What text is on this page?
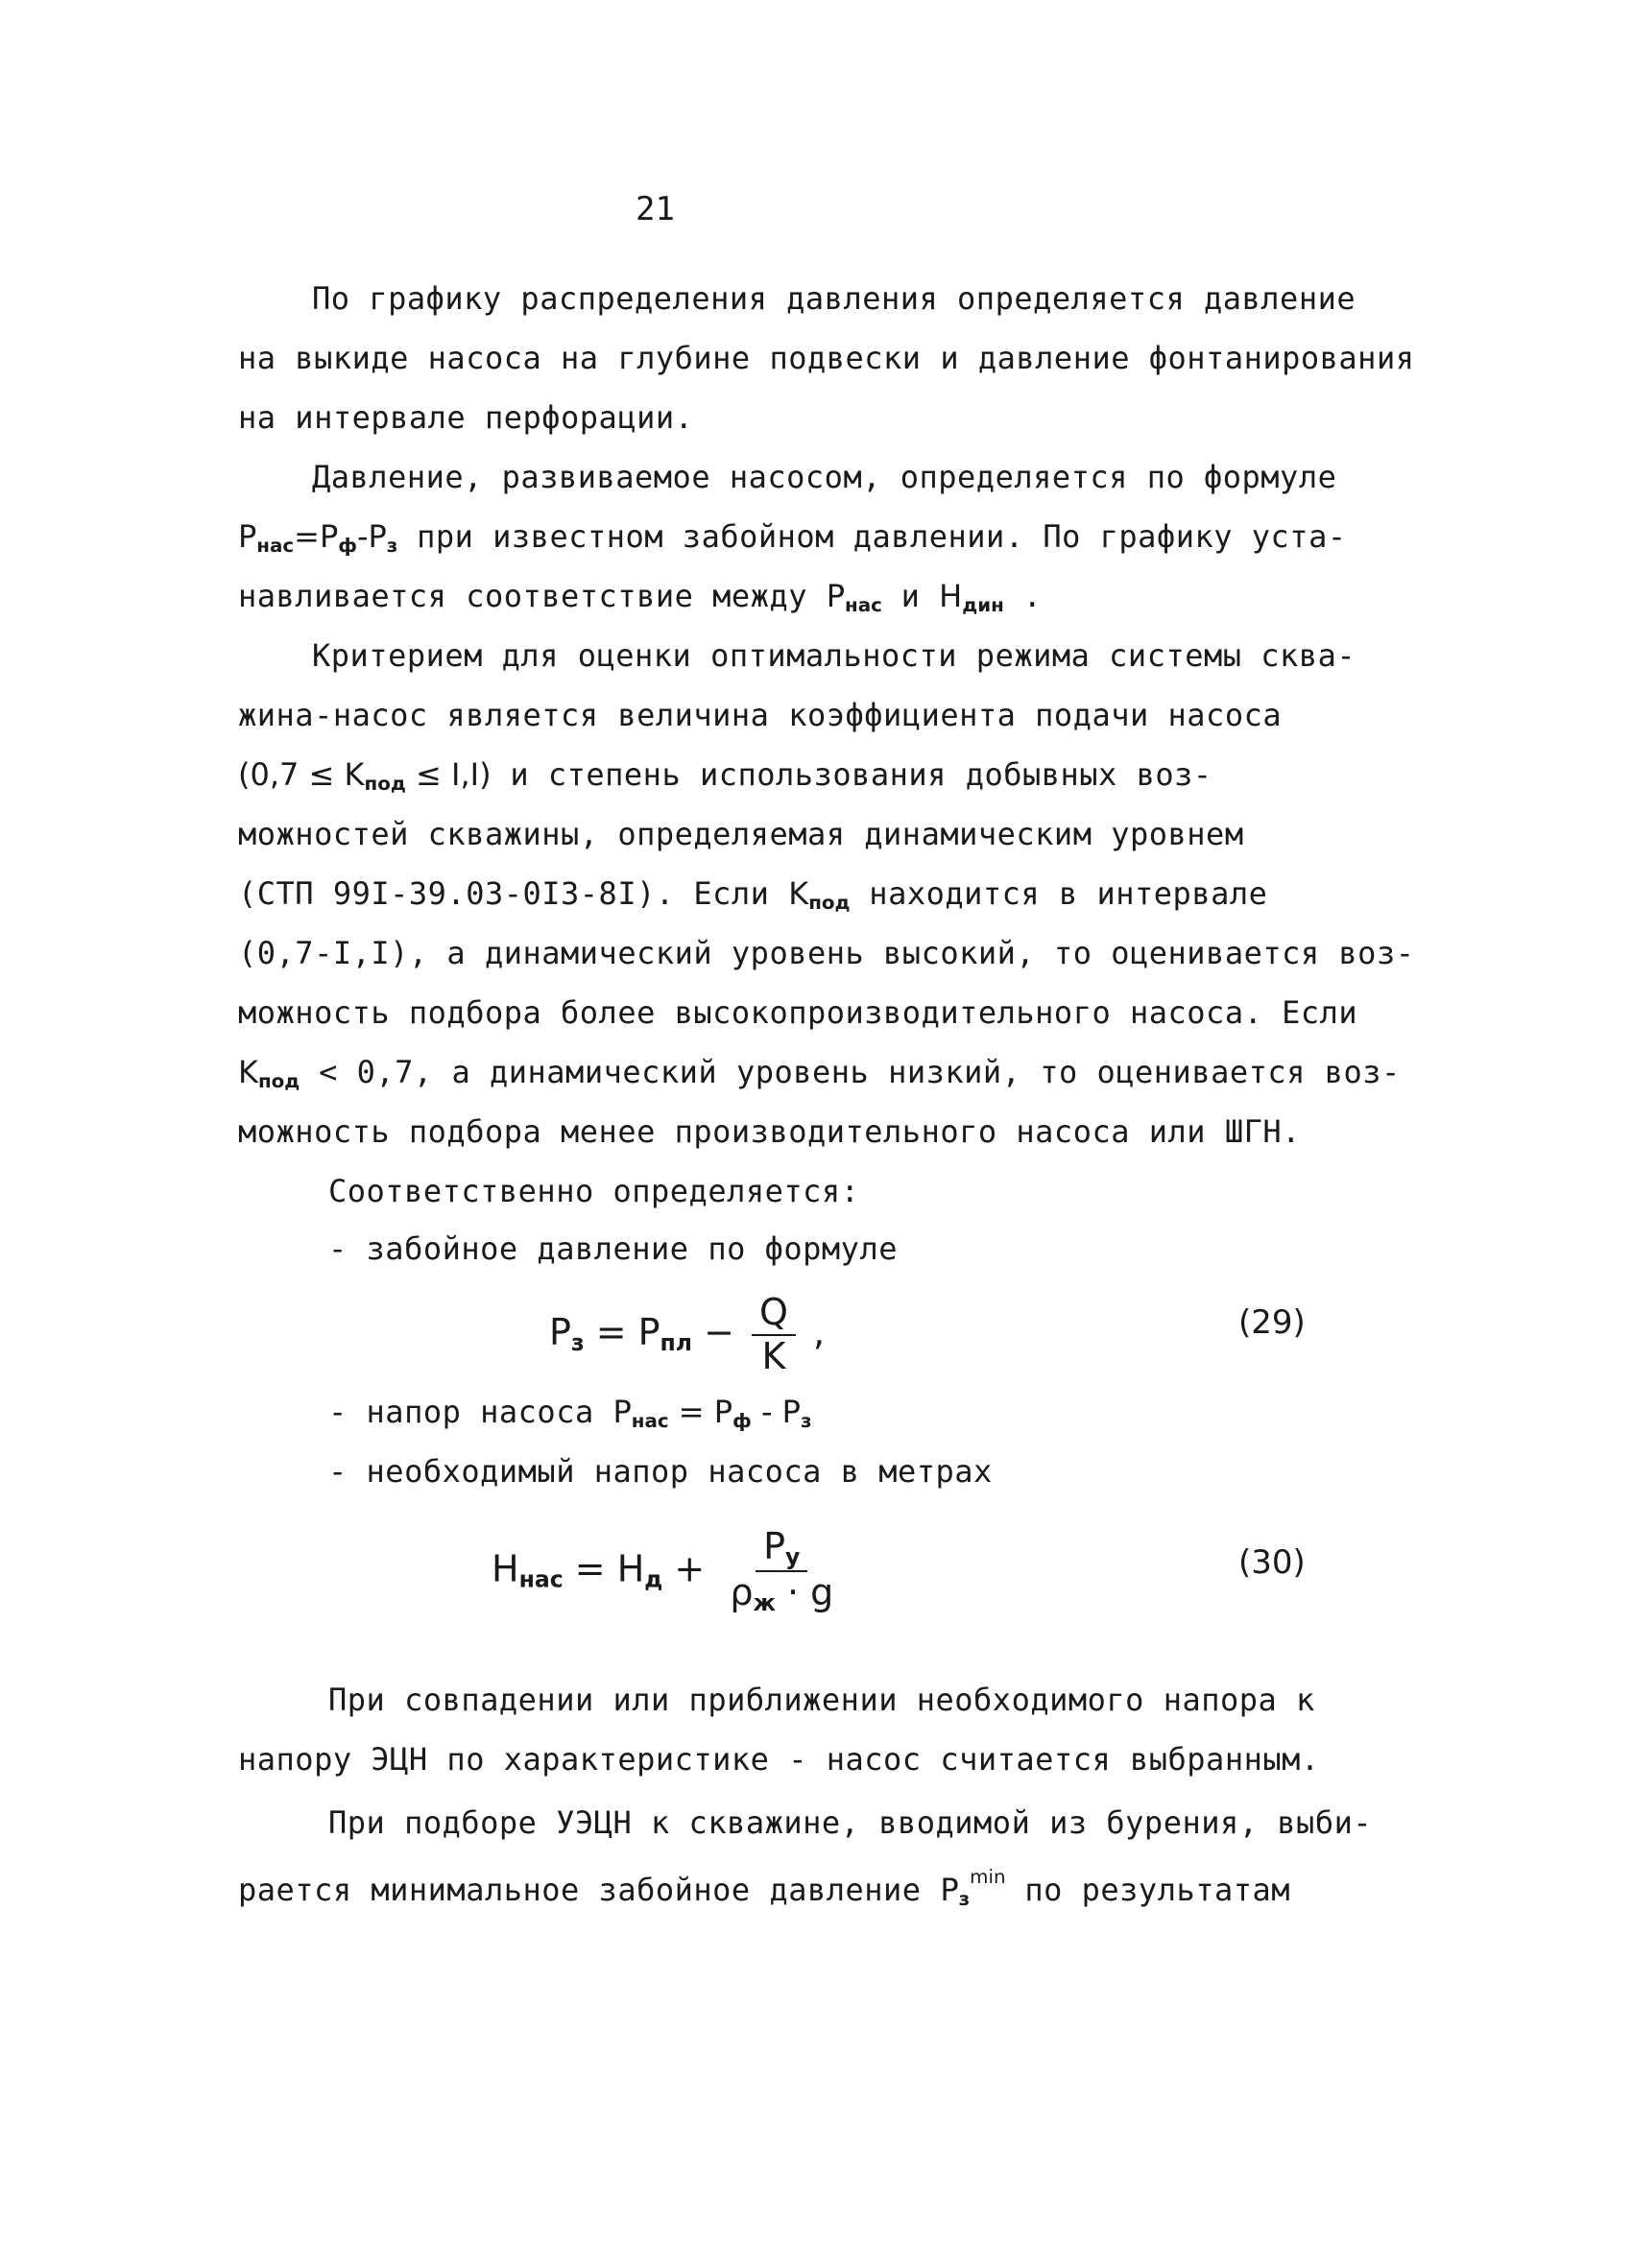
21
По графику распределения давления определяется давление
на выкиде насоса на глубине подвески и давление фонтанирования
на интервале перфорации.
Давление, развиваемое насосом, определяется по формуле
$P_{нас}=P_ф-P_з$ при известном забойном давлении. По графику уста-
навливается соответствие между $P_{нас}$ и $H_{дин}$ .
Критерием для оценки оптимальности режима системы сква-
жина-насос является величина коэффициента подачи насоса
$(0,7 \le K_{под} \le I,I)$ и степень использования добывных воз-
можностей скважины, определяемая динамическим уровнем
(СТП 99I-39.03-0I3-8I). Если $K_{под}$ находится в интервале
(0,7-I,I), а динамический уровень высокий, то оценивается воз-
можность подбора более высокопроизводительного насоса. Если
$K_{под} < 0,7$, а динамический уровень низкий, то оценивается воз-
можность подбора менее производительного насоса или ШГН.
Соответственно определяется:
- забойное давление по формуле
$P_з = P_{пл} - \frac{Q}{K}$ ,	(29)
- напор насоса $P_{нас} = P_ф - P_з$
- необходимый напор насоса в метрах
$H_{нас} = H_д + \frac{P_у}{\rho_ж \cdot g}$	(30)
При совпадении или приближении необходимого напора к
напору ЭЦН по характеристике - насос считается выбранным.
При подборе УЭЦН к скважине, вводимой из бурения, выби-
рается минимальное забойное давление $P_з^{min}$ по результатам
